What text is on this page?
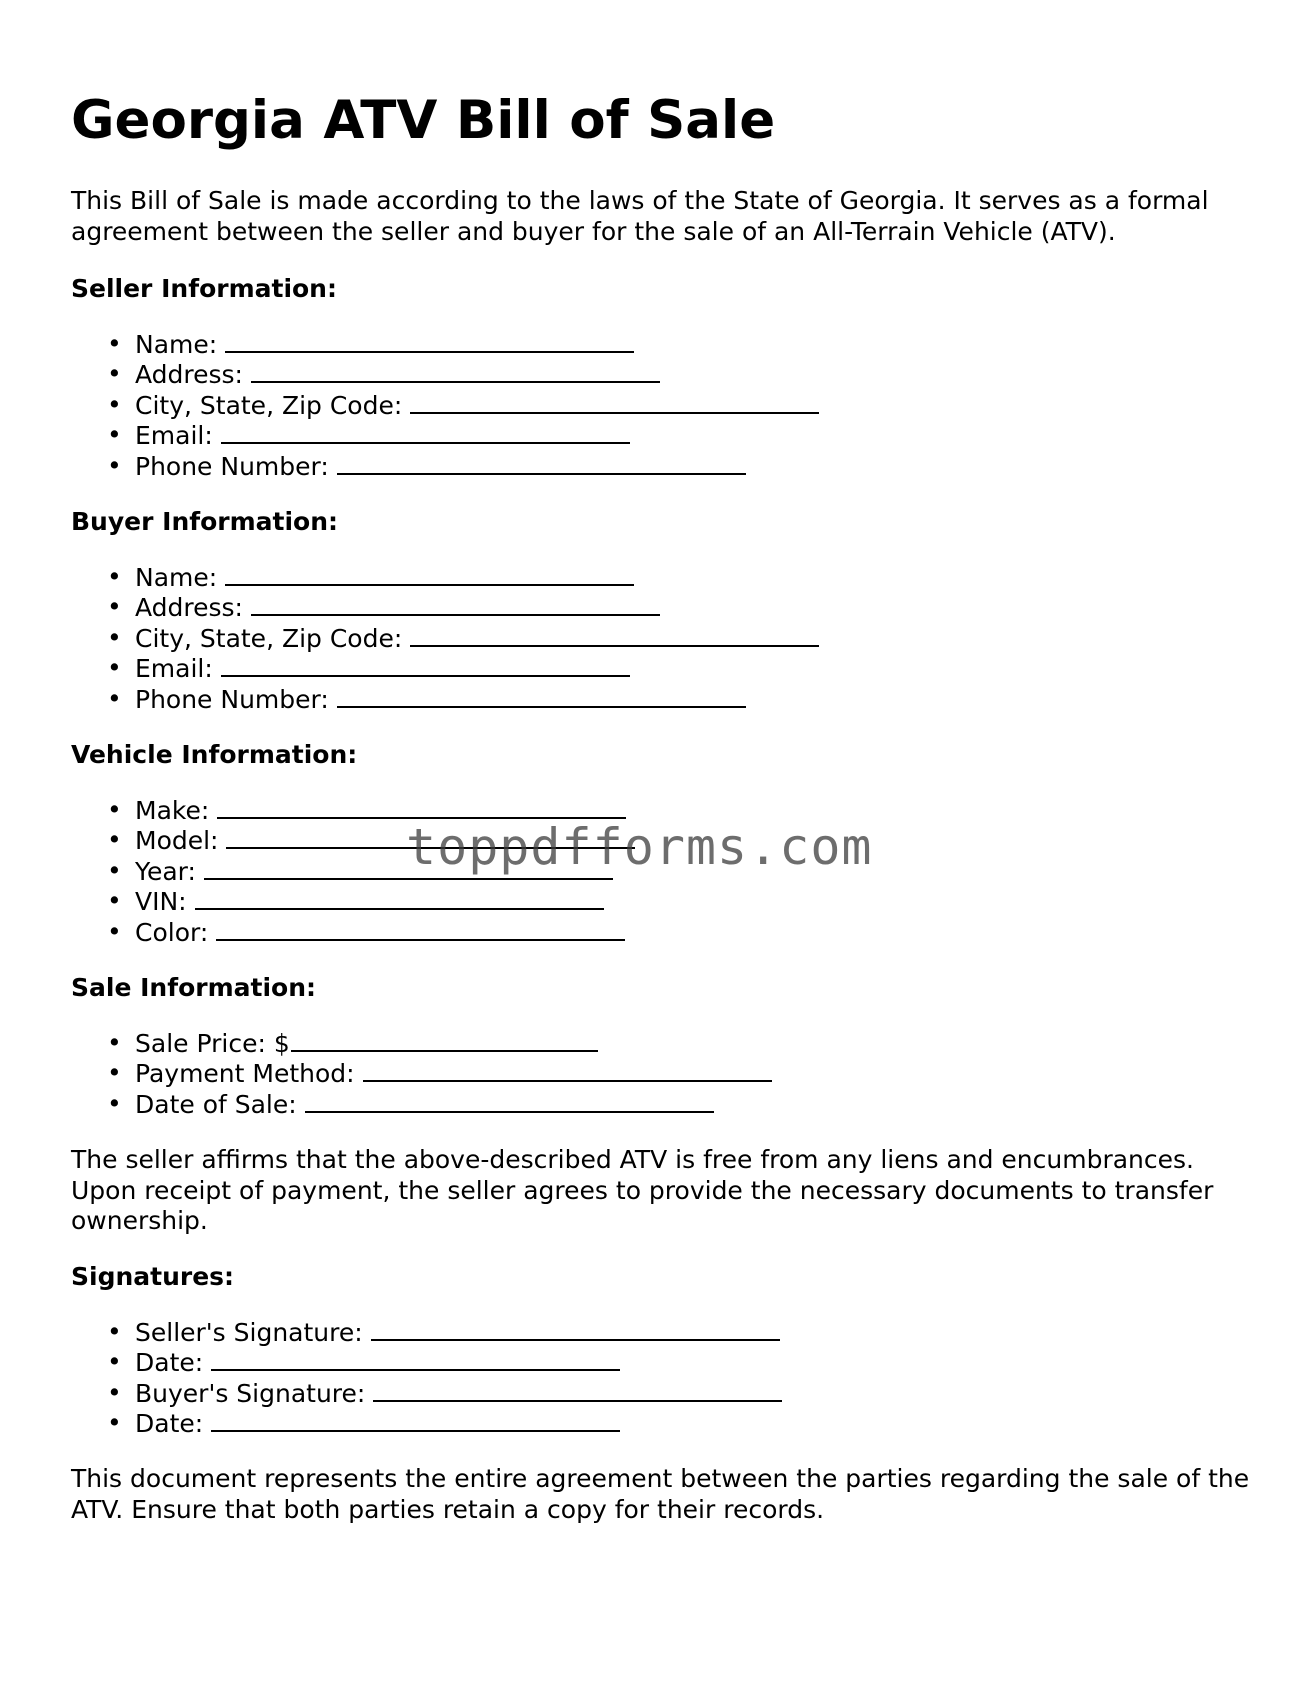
Georgia ATV Bill of Sale

This Bill of Sale is made according to the laws of the State of Georgia. It serves as a formal agreement between the seller and buyer for the sale of an All-Terrain Vehicle (ATV).

Seller Information:

• Name:
• Address:
• City, State, Zip Code:
• Email:
• Phone Number:

Buyer Information:

• Name:
• Address:
• City, State, Zip Code:
• Email:
• Phone Number:

Vehicle Information:

• Make:
• Model:
• Year:
• VIN:
• Color:

Sale Information:

• Sale Price: $
• Payment Method:
• Date of Sale:

The seller affirms that the above-described ATV is free from any liens and encumbrances. Upon receipt of payment, the seller agrees to provide the necessary documents to transfer ownership.

Signatures:

• Seller's Signature:
• Date:
• Buyer's Signature:
• Date:

This document represents the entire agreement between the parties regarding the sale of the ATV. Ensure that both parties retain a copy for their records.

toppdfforms.com
